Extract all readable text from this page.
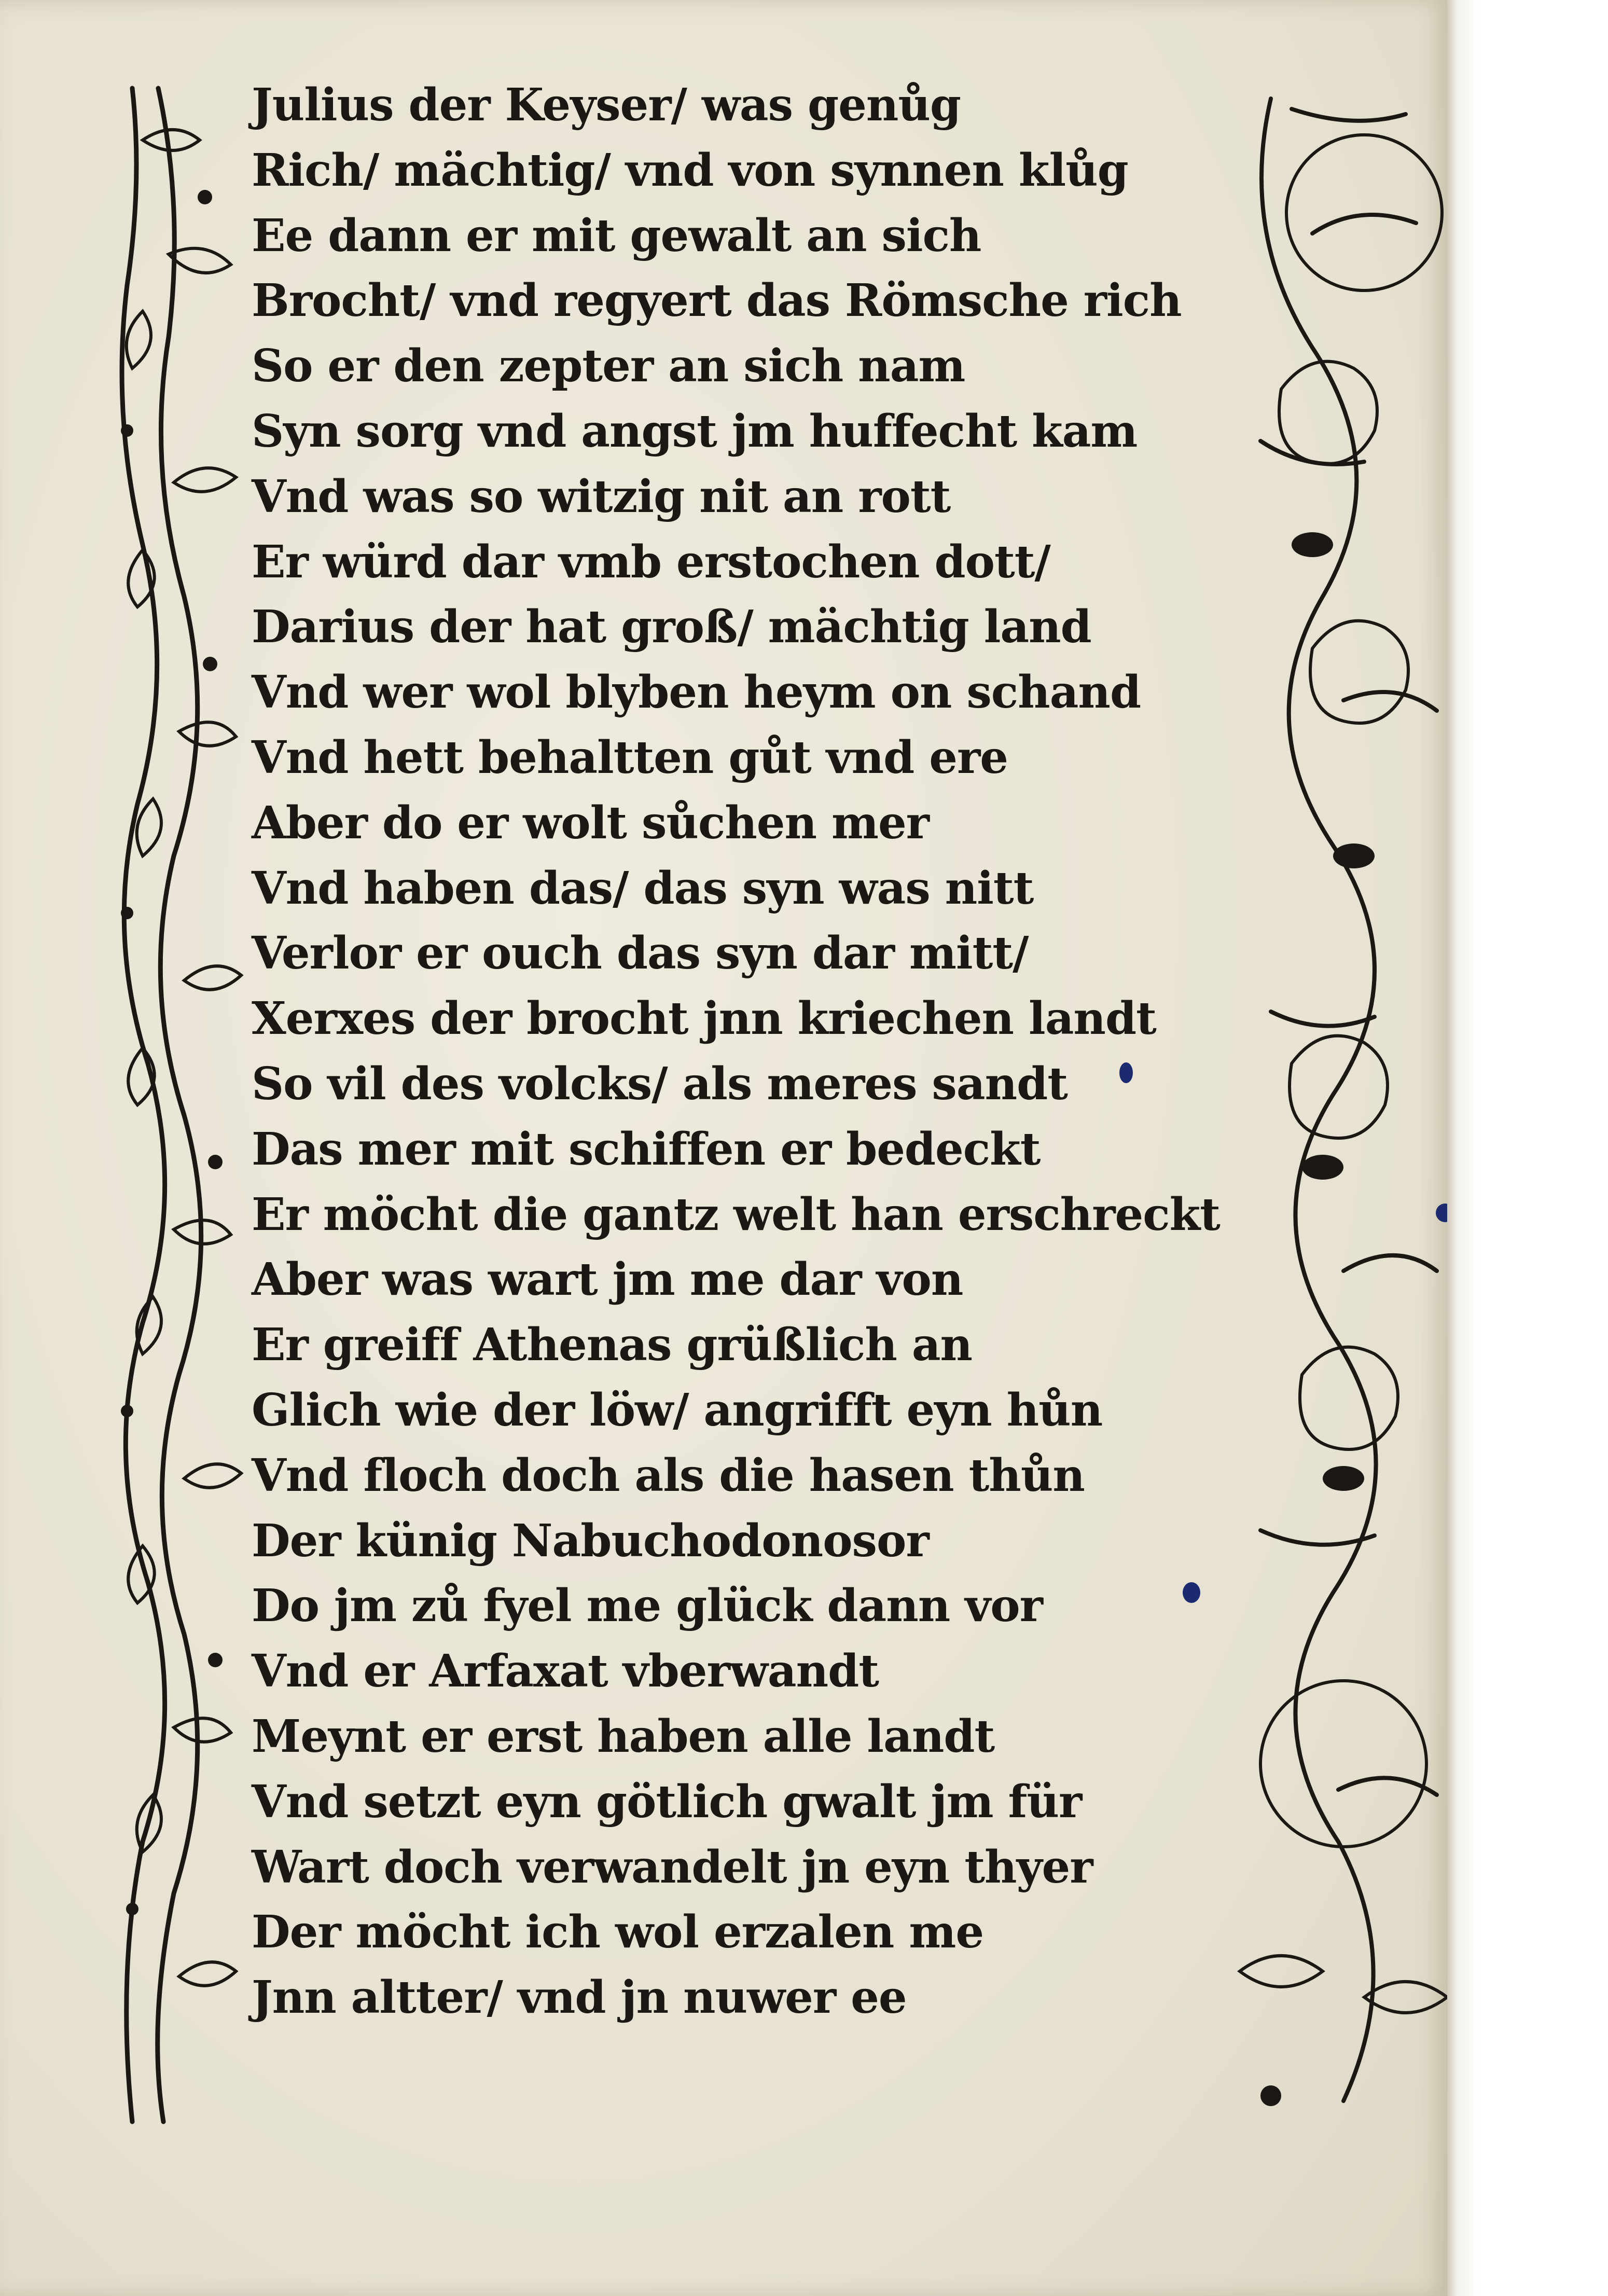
Julius der Keyser/ was genůg
Rich/ mächtig/ vnd von synnen klůg
Ee dann er mit gewalt an sich
Brocht/ vnd regyert das Römsche rich
So er den zepter an sich nam
Syn sorg vnd angst jm huffecht kam
Vnd was so witzig nit an rott
Er würd dar vmb erstochen dott/
Darius der hat groß/ mächtig land
Vnd wer wol blyben heym on schand
Vnd hett behaltten gůt vnd ere
Aber do er wolt sůchen mer
Vnd haben das/ das syn was nitt
Verlor er ouch das syn dar mitt/
Xerxes der brocht jnn kriechen landt
So vil des volcks/ als meres sandt
Das mer mit schiffen er bedeckt
Er möcht die gantz welt han erschreckt
Aber was wart jm me dar von
Er greiff Athenas grüßlich an
Glich wie der löw/ angrifft eyn hůn
Vnd floch doch als die hasen thůn
Der künig Nabuchodonosor
Do jm zů fyel me glück dann vor
Vnd er Arfaxat vberwandt
Meynt er erst haben alle landt
Vnd setzt eyn götlich gwalt jm für
Wart doch verwandelt jn eyn thyer
Der möcht ich wol erzalen me
Jnn altter/ vnd jn nuwer ee
